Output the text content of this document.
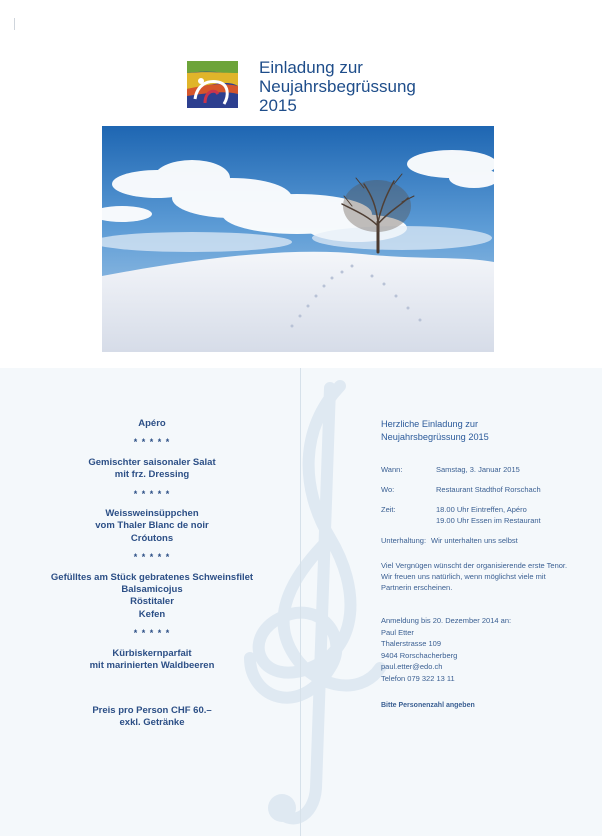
Einladung zur
Neujahrsbegrüssung
2015
Apéro
* * * * *
Gemischter saisonaler Salat
mit frz. Dressing
* * * * *
Weissweinsüppchen
vom Thaler Blanc de noir
Cróutons
* * * * *
Gefülltes am Stück gebratenes Schweinsfilet
Balsamicojus
Röstitaler
Kefen
* * * * *
Kürbiskernparfait
mit marinierten Waldbeeren
Preis pro Person CHF 60.–
exkl. Getränke
Herzliche Einladung zur
Neujahrsbegrüssung 2015
Wann:	Samstag, 3. Januar 2015
Wo:	Restaurant Stadthof Rorschach
Zeit:	18.00 Uhr Eintreffen, Apéro
19.00 Uhr Essen im Restaurant
Unterhaltung: Wir unterhalten uns selbst
Viel Vergnügen wünscht der organisierende erste Tenor.
Wir freuen uns natürlich, wenn möglichst viele mit
Partnerin erscheinen.
Anmeldung bis 20. Dezember 2014 an:
Paul Etter
Thalerstrasse 109
9404 Rorschacherberg
paul.etter@edo.ch
Telefon 079 322 13 11
Bitte Personenzahl angeben
